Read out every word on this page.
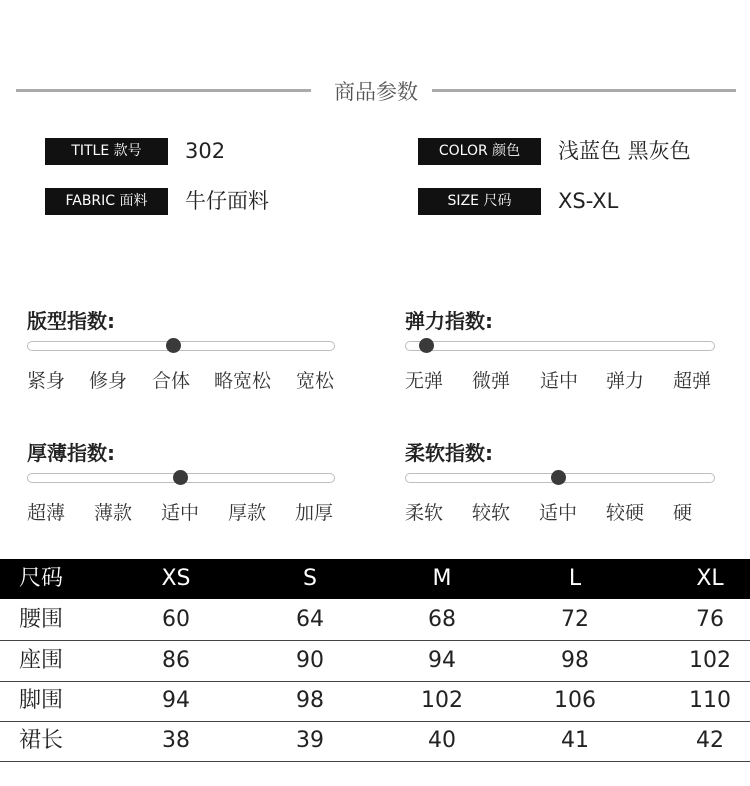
商品参数
TITLE 款号	302
FABRIC 面料	牛仔面料
COLOR 颜色	浅蓝色 黑灰色
SIZE 尺码	XS-XL
版型指数:
紧身 修身 合体 略宽松 宽松
弹力指数:
无弹 微弹 适中 弹力 超弹
厚薄指数:
超薄 薄款 适中 厚款 加厚
柔软指数:
柔软 较软 适中 较硬 硬
尺码	XS	S	M	L	XL
腰围	60	64	68	72	76
座围	86	90	94	98	102
脚围	94	98	102	106	110
裙长	38	39	40	41	42
